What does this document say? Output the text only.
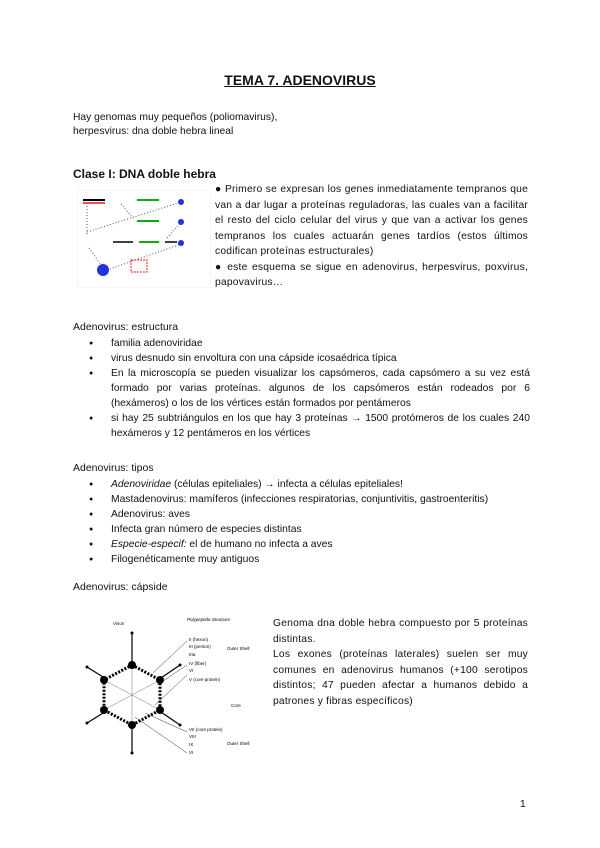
TEMA 7. ADENOVIRUS
Hay genomas muy pequeños (poliomavirus),
herpesvirus: dna doble hebra lineal
Clase I: DNA doble hebra
● Primero se expresan los genes inmediatamente tempranos que van a dar lugar a proteínas reguladoras, las cuales van a facilitar el resto del ciclo celular del virus y que van a activar los genes tempranos los cuales actuarán genes tardíos (estos últimos codifican proteínas estructurales)
● este esquema se sigue en adenovirus, herpesvirus, poxvirus, papovavirus…
Adenovirus: estructura
● familia adenoviridae
● virus desnudo sin envoltura con una cápside icosaédrica típica
● En la microscopía se pueden visualizar los capsómeros, cada capsómero a su vez está formado por varias proteínas. algunos de los capsómeros están rodeados por 6 (hexámeros) o los de los vértices están formados por pentámeros
● si hay 25 subtriángulos en los que hay 3 proteínas → 1500 protómeros de los cuales 240 hexámeros y 12 pentámeros en los vértices
Adenovirus: tipos
● Adenoviridae (células epiteliales) → infecta a células epiteliales!
● Mastadenovirus: mamíferos (infecciones respiratorias, conjuntivitis, gastroenteritis)
● Adenovirus: aves
● Infecta gran número de especies distintas
● Especie-especif: el de humano no infecta a aves
● Filogenéticamente muy antiguos
Adenovirus: cápside
Virion
Polypeptide Structure
II (hexon)
III (penton)
IIIa
IV (fiber)
VI
V (core protein)
VII (core protein)
VIII
IX
VI
Outer Shell
Core
Outer Shell
Genoma dna doble hebra compuesto por 5 proteínas distintas.
Los exones (proteínas laterales) suelen ser muy comunes en adenovirus humanos (+100 serotipos distintos; 47 pueden afectar a humanos debido a patrones y fibras específicos)
1
